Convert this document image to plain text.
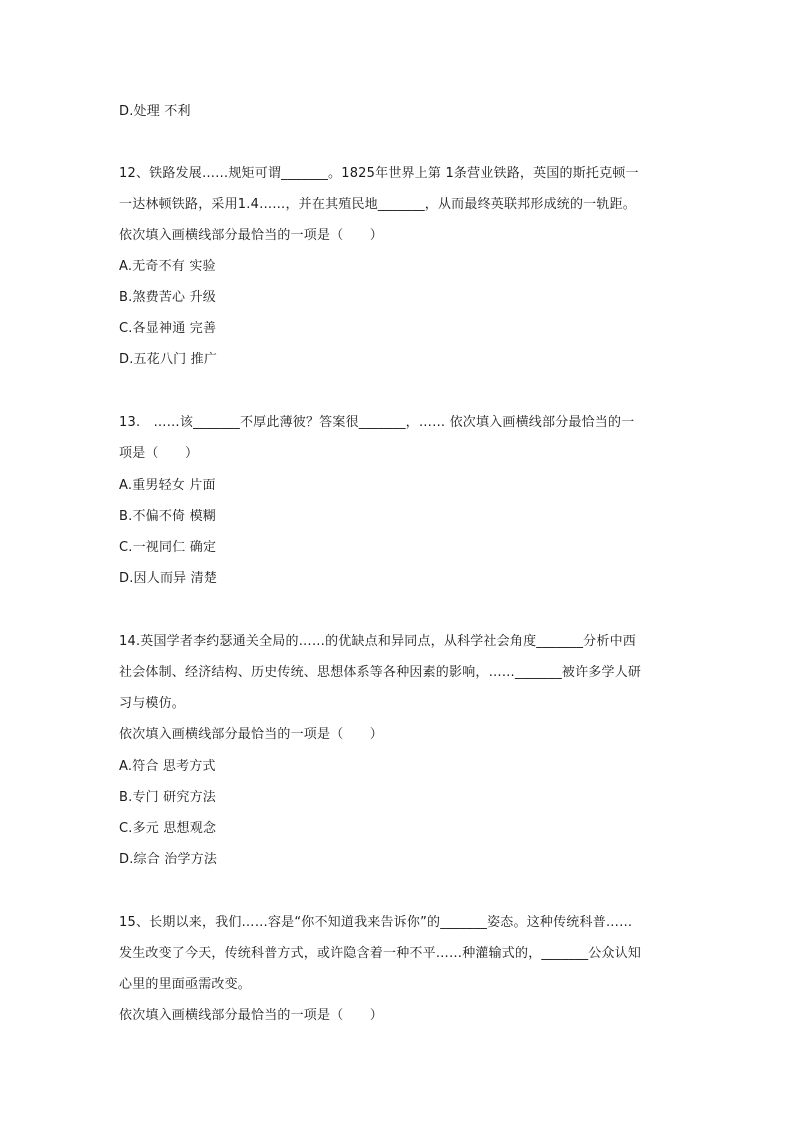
D.处理 不利
12、铁路发展……规矩可谓_______。1825年世界上第 1条营业铁路，英国的斯托克顿一
一达林顿铁路，采用1.4……，并在其殖民地_______，从而最终英联邦形成统的一轨距。
依次填入画横线部分最恰当的一项是（　　）
A.无奇不有 实验
B.煞费苦心 升级
C.各显神通 完善
D.五花八门 推广
13.　……该_______不厚此薄彼？答案很_______，…… 依次填入画横线部分最恰当的一
项是（　　）
A.重男轻女 片面
B.不偏不倚 模糊
C.一视同仁 确定
D.因人而异 清楚
14.英国学者李约瑟通关全局的……的优缺点和异同点，从科学社会角度_______分析中西
社会体制、经济结构、历史传统、思想体系等各种因素的影响，……_______被许多学人研
习与模仿。
依次填入画横线部分最恰当的一项是（　　）
A.符合 思考方式
B.专门 研究方法
C.多元 思想观念
D.综合 治学方法
15、长期以来，我们……容是“你不知道我来告诉你”的_______姿态。这种传统科普……
发生改变了今天，传统科普方式，或许隐含着一种不平……种灌输式的，_______公众认知
心里的里面亟需改变。
依次填入画横线部分最恰当的一项是（　　）
